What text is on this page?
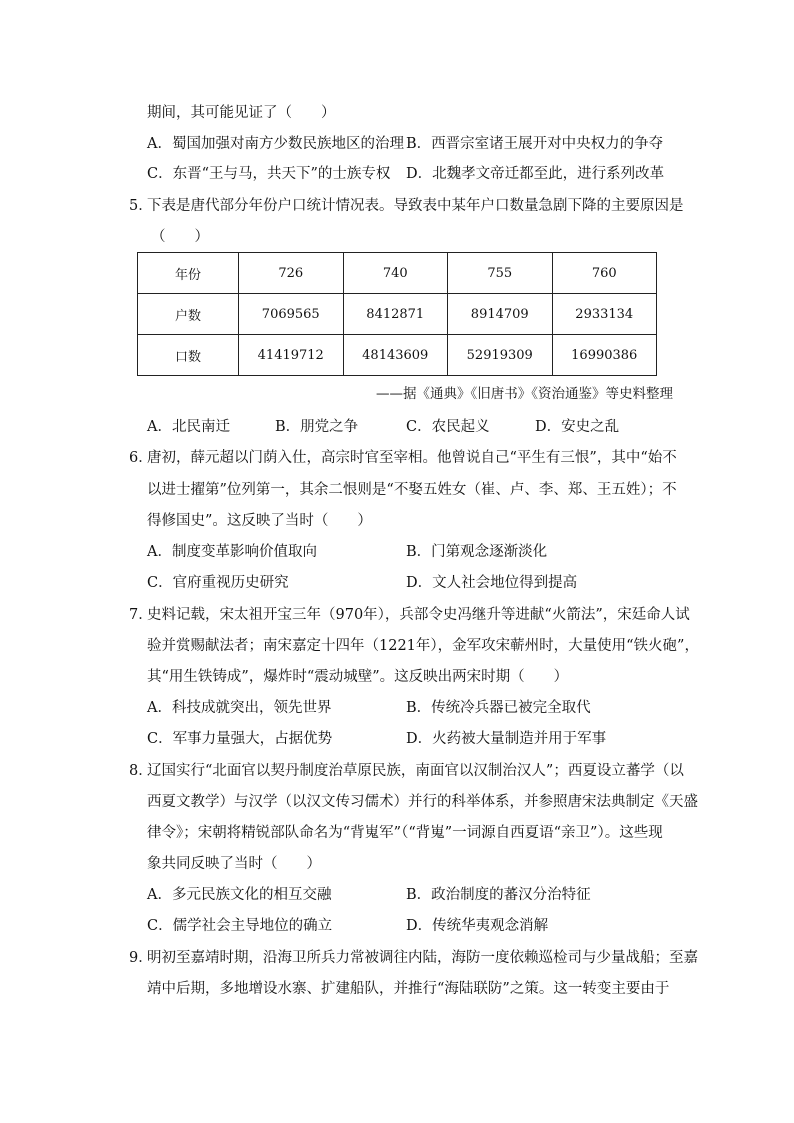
期间，其可能见证了（　　）
A．蜀国加强对南方少数民族地区的治理 B．西晋宗室诸王展开对中央权力的争夺
C．东晋“王与马，共天下”的士族专权 D．北魏孝文帝迁都至此，进行系列改革
5．
下表是唐代部分年份户口统计情况表。导致表中某年户口数量急剧下降的主要原因是
（　　）
年份	726	740	755	760
户数	7069565	8412871	8914709	2933134
口数	41419712	48143609	52919309	16990386
——据《通典》《旧唐书》《资治通鉴》等史料整理
A．北民南迁	B．朋党之争	C．农民起义	D．安史之乱
6．
唐初，薛元超以门荫入仕，高宗时官至宰相。他曾说自己“平生有三恨”，其中“始不
以进士擢第”位列第一，其余二恨则是“不娶五姓女（崔、卢、李、郑、王五姓）；不
得修国史”。这反映了当时（　　）
A．制度变革影响价值取向	B．门第观念逐渐淡化
C．官府重视历史研究	D．文人社会地位得到提高
7．
史料记载，宋太祖开宝三年（970年），兵部令史冯继升等进献“火箭法”，宋廷命人试
验并赏赐献法者；南宋嘉定十四年（1221年），金军攻宋蕲州时，大量使用“铁火砲”，
其“用生铁铸成”，爆炸时“震动城壁”。这反映出两宋时期（　　）
A．科技成就突出，领先世界	B．传统冷兵器已被完全取代
C．军事力量强大，占据优势	D．火药被大量制造并用于军事
8．
辽国实行“北面官以契丹制度治草原民族，南面官以汉制治汉人”；西夏设立蕃学（以
西夏文教学）与汉学（以汉文传习儒术）并行的科举体系，并参照唐宋法典制定《天盛
律令》；宋朝将精锐部队命名为“背嵬军”（“背嵬”一词源自西夏语“亲卫”）。这些现
象共同反映了当时（　　）
A．多元民族文化的相互交融	B．政治制度的蕃汉分治特征
C．儒学社会主导地位的确立	D．传统华夷观念消解
9．
明初至嘉靖时期，沿海卫所兵力常被调往内陆，海防一度依赖巡检司与少量战船；至嘉
靖中后期，多地增设水寨、扩建船队，并推行“海陆联防”之策。这一转变主要由于
